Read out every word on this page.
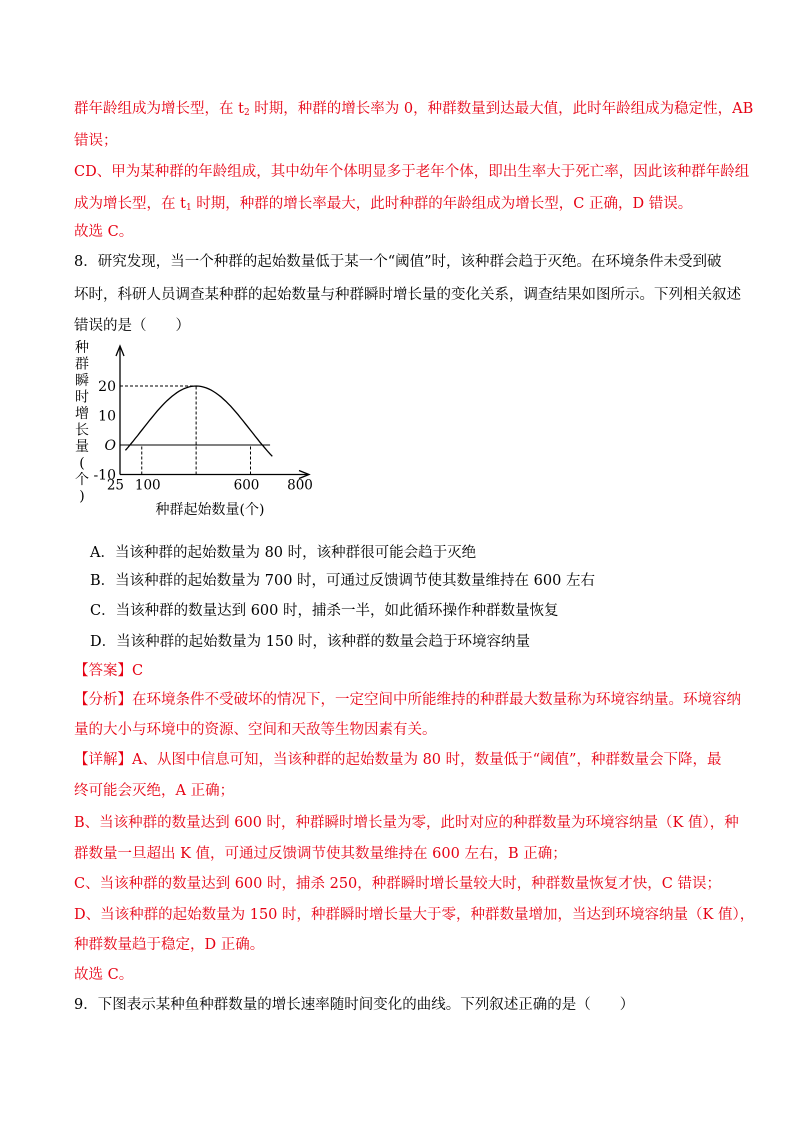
群年龄组成为增长型，在 $t_2$ 时期，种群的增长率为 0，种群数量到达最大值，此时年龄组成为稳定性，AB
错误；
CD、甲为某种群的年龄组成，其中幼年个体明显多于老年个体，即出生率大于死亡率，因此该种群年龄组
成为增长型，在 $t_1$ 时期，种群的增长率最大，此时种群的年龄组成为增长型，C 正确，D 错误。
故选 C。
8．研究发现，当一个种群的起始数量低于某一个“阈值”时，该种群会趋于灭绝。在环境条件未受到破
坏时，科研人员调查某种群的起始数量与种群瞬时增长量的变化关系，调查结果如图所示。下列相关叙述
错误的是（　　）
20
10
O
-10
25 100	600 800
种
群
瞬
时
增
长
量
(
个
)
种群起始数量(个)
A．当该种群的起始数量为 80 时，该种群很可能会趋于灭绝
B．当该种群的起始数量为 700 时，可通过反馈调节使其数量维持在 600 左右
C．当该种群的数量达到 600 时，捕杀一半，如此循环操作种群数量恢复
D．当该种群的起始数量为 150 时，该种群的数量会趋于环境容纳量
【答案】C
【分析】在环境条件不受破坏的情况下，一定空间中所能维持的种群最大数量称为环境容纳量。环境容纳
量的大小与环境中的资源、空间和天敌等生物因素有关。
【详解】A、从图中信息可知，当该种群的起始数量为 80 时，数量低于“阈值”，种群数量会下降，最
终可能会灭绝，A 正确；
B、当该种群的数量达到 600 时，种群瞬时增长量为零，此时对应的种群数量为环境容纳量（K 值），种
群数量一旦超出 K 值，可通过反馈调节使其数量维持在 600 左右，B 正确；
C、当该种群的数量达到 600 时，捕杀 250，种群瞬时增长量较大时，种群数量恢复才快，C 错误；
D、当该种群的起始数量为 150 时，种群瞬时增长量大于零，种群数量增加，当达到环境容纳量（K 值），
种群数量趋于稳定，D 正确。
故选 C。
9．下图表示某种鱼种群数量的增长速率随时间变化的曲线。下列叙述正确的是（　　）
